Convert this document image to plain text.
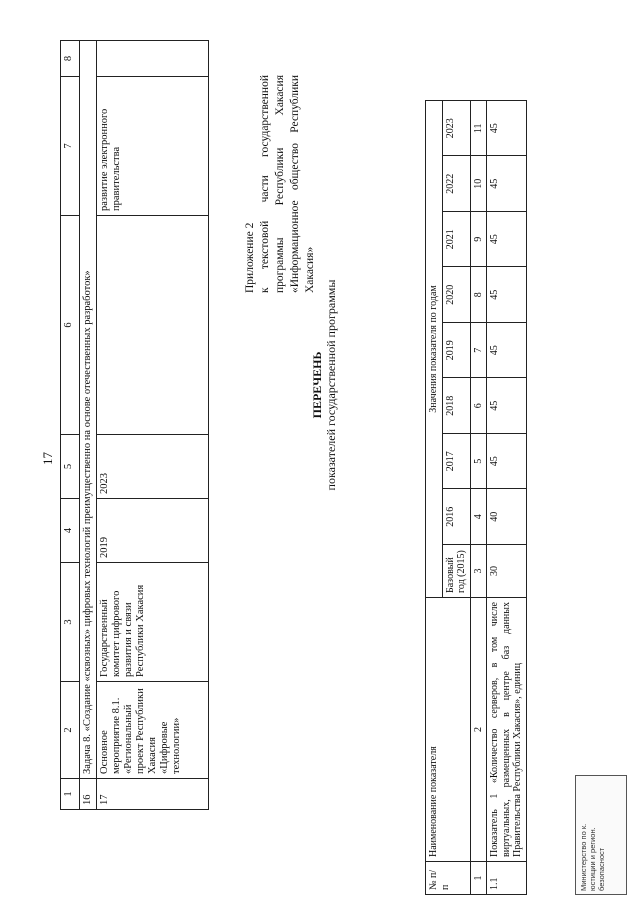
17
1	2	3	4	5	6	7	8
16	Задача 8. «Создание «сквозных» цифровых технологий преимущественно на основе отечественных разработок»						
17	Основное мероприятие 8.1. «Региональный проект Республики Хакасия «Цифровые технологии»	Государственный комитет цифрового развития и связи Республики Хакасия	2019	2023		развитие электронного правительства	
Приложение 2 к текстовой части государственной программы Республики Хакасия «Информационное общество Республики Хакасия»
ПЕРЕЧЕНЬ показателей государственной программы
№ п/п	Наименование показателя	Значения показателя по годам								
		Базовый год (2015)	2016	2017	2018	2019	2020	2021	2022	2023
1	2	3	4	5	6	7	8	9	10	11
1.1	Показатель 1 «Количество серверов, в том числе виртуальных, размещенных в центре баз данных Правительства Республики Хакасия», единиц	30	40	45	45	45	45	45	45	45
Министерство по к. юстиции и регион. безопасност
